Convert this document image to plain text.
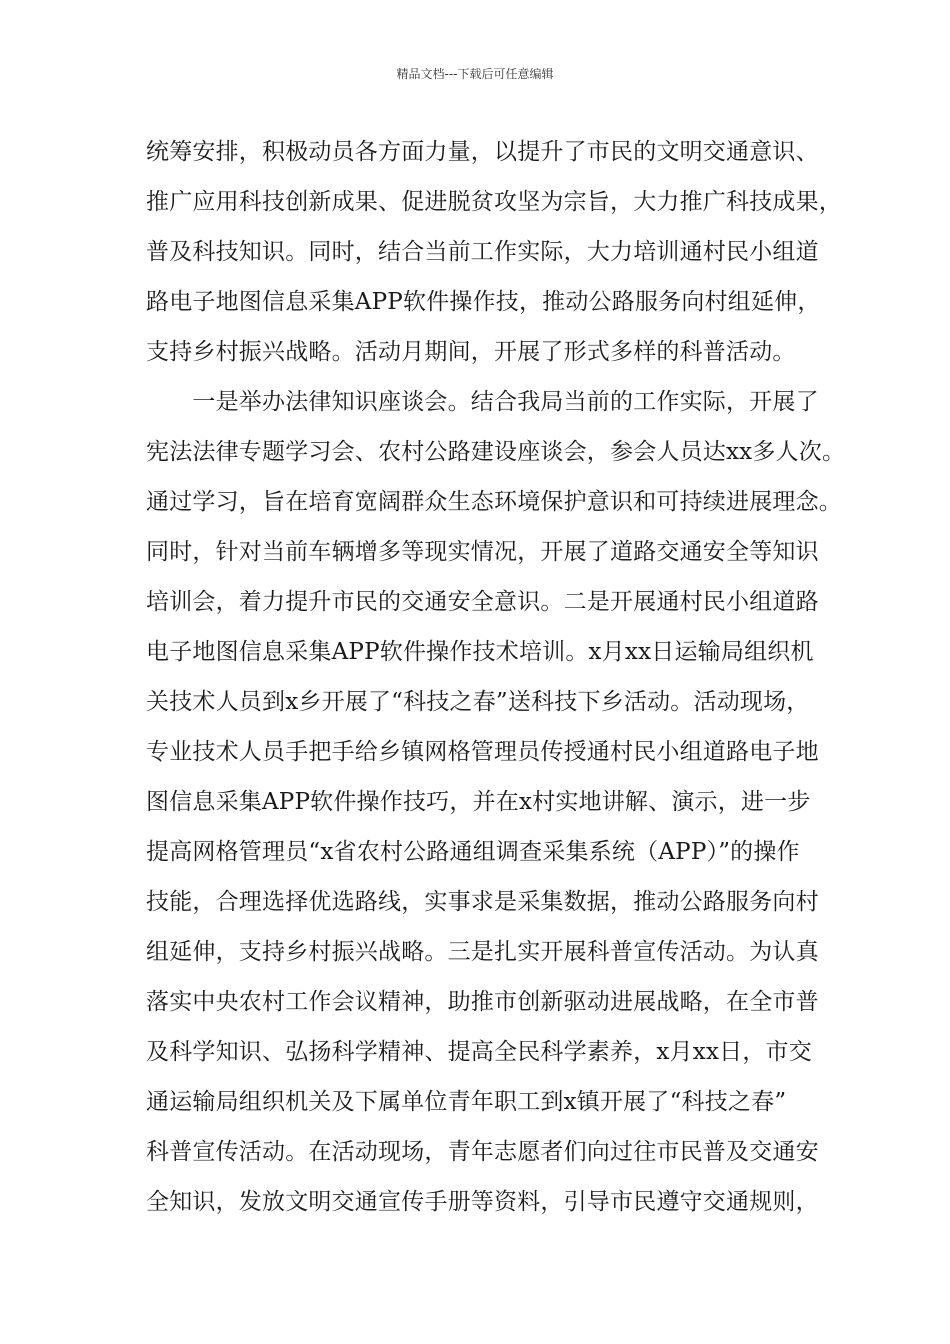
精品文档---下载后可任意编辑
统筹安排，积极动员各方面力量，以提升了市民的文明交通意识、
推广应用科技创新成果、促进脱贫攻坚为宗旨，大力推广科技成果，
普及科技知识。同时，结合当前工作实际，大力培训通村民小组道
路电子地图信息采集APP软件操作技，推动公路服务向村组延伸，
支持乡村振兴战略。活动月期间，开展了形式多样的科普活动。
　　一是举办法律知识座谈会。结合我局当前的工作实际，开展了
宪法法律专题学习会、农村公路建设座谈会，参会人员达xx多人次。
通过学习，旨在培育宽阔群众生态环境保护意识和可持续进展理念。
同时，针对当前车辆增多等现实情况，开展了道路交通安全等知识
培训会，着力提升市民的交通安全意识。二是开展通村民小组道路
电子地图信息采集APP软件操作技术培训。x月xx日运输局组织机
关技术人员到x乡开展了“科技之春”送科技下乡活动。活动现场，
专业技术人员手把手给乡镇网格管理员传授通村民小组道路电子地
图信息采集APP软件操作技巧，并在x村实地讲解、演示，进一步
提高网格管理员“x省农村公路通组调查采集系统（APP）”的操作
技能，合理选择优选路线，实事求是采集数据，推动公路服务向村
组延伸，支持乡村振兴战略。三是扎实开展科普宣传活动。为认真
落实中央农村工作会议精神，助推市创新驱动进展战略，在全市普
及科学知识、弘扬科学精神、提高全民科学素养，x月xx日，市交
通运输局组织机关及下属单位青年职工到x镇开展了“科技之春”
科普宣传活动。在活动现场，青年志愿者们向过往市民普及交通安
全知识，发放文明交通宣传手册等资料，引导市民遵守交通规则，
